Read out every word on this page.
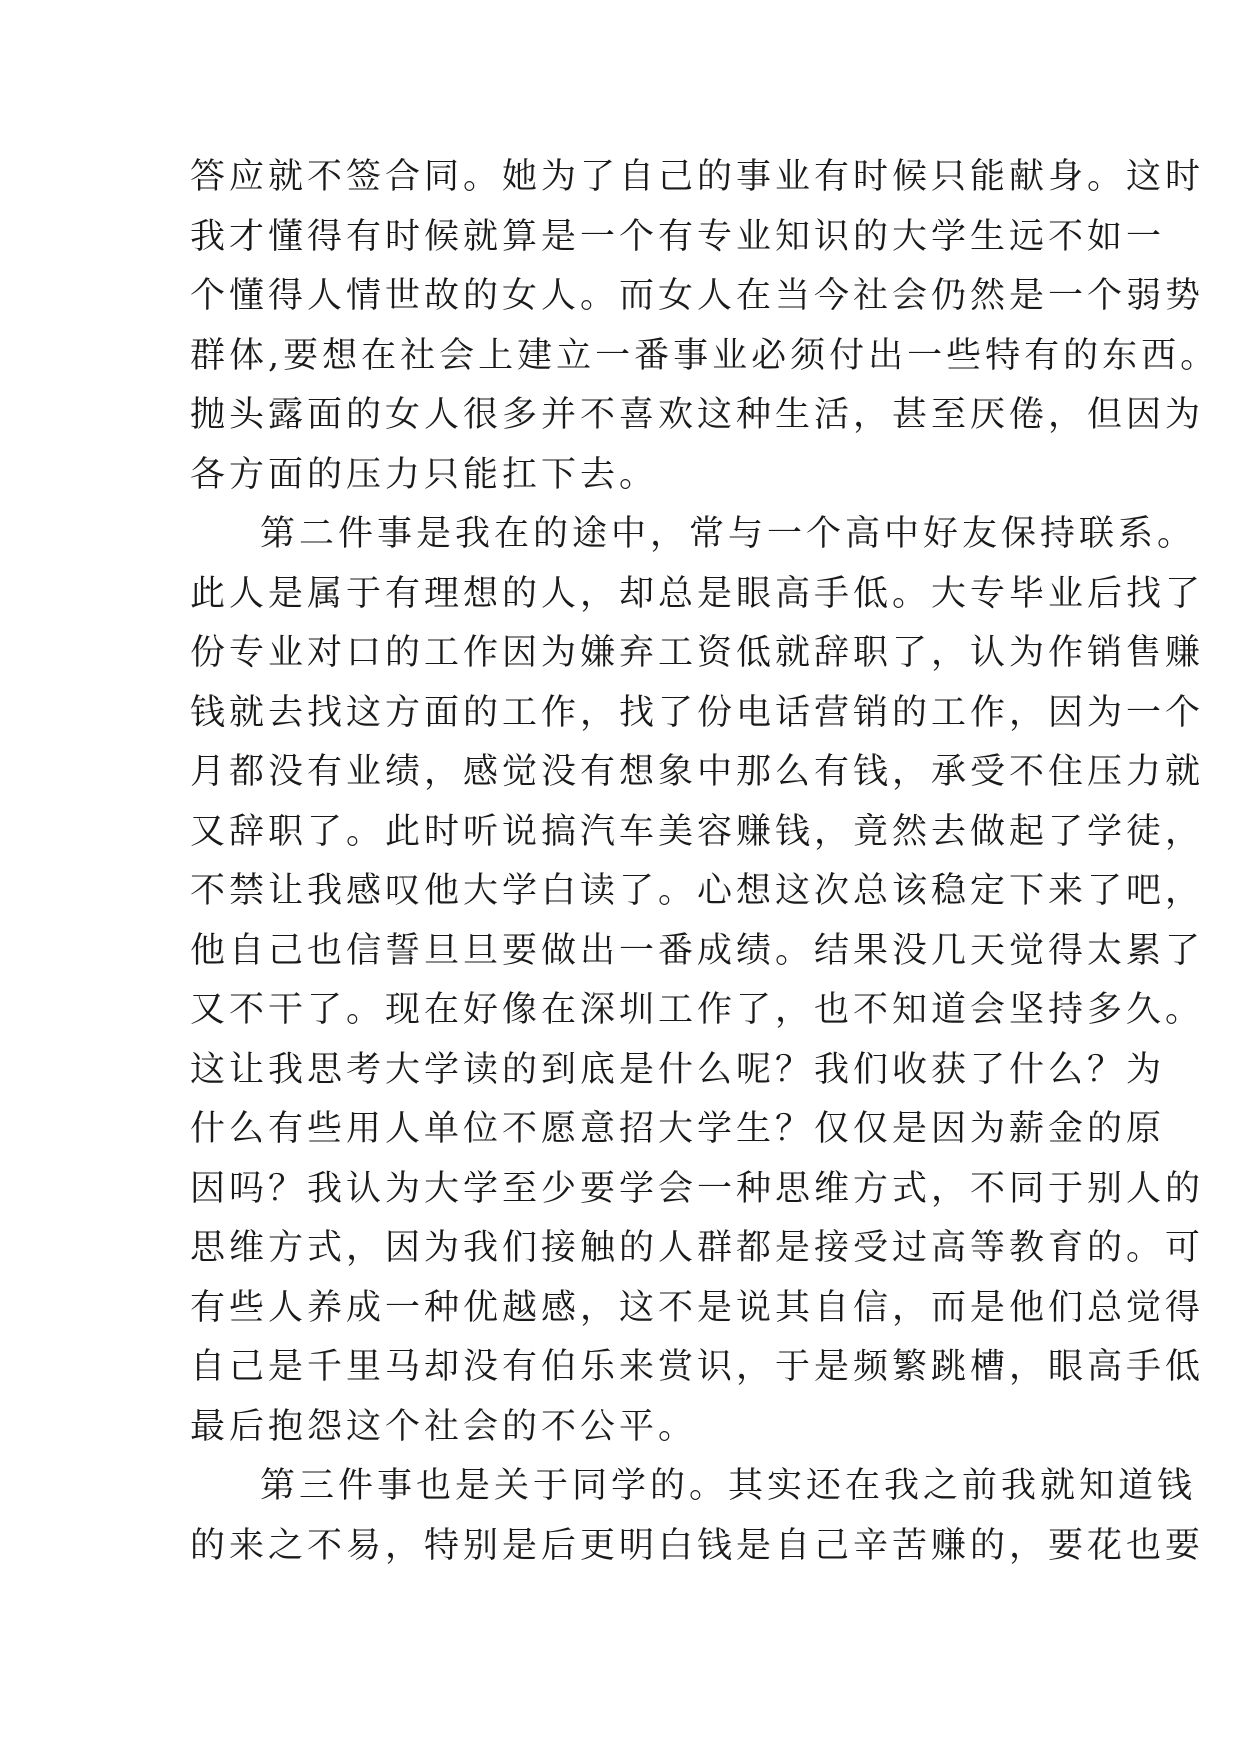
答应就不签合同。她为了自己的事业有时候只能献身。这时
我才懂得有时候就算是一个有专业知识的大学生远不如一
个懂得人情世故的女人。而女人在当今社会仍然是一个弱势
群体,要想在社会上建立一番事业必须付出一些特有的东西。
抛头露面的女人很多并不喜欢这种生活，甚至厌倦，但因为
各方面的压力只能扛下去。
第二件事是我在的途中，常与一个高中好友保持联系。
此人是属于有理想的人，却总是眼高手低。大专毕业后找了
份专业对口的工作因为嫌弃工资低就辞职了，认为作销售赚
钱就去找这方面的工作，找了份电话营销的工作，因为一个
月都没有业绩，感觉没有想象中那么有钱，承受不住压力就
又辞职了。此时听说搞汽车美容赚钱，竟然去做起了学徒，
不禁让我感叹他大学白读了。心想这次总该稳定下来了吧，
他自己也信誓旦旦要做出一番成绩。结果没几天觉得太累了
又不干了。现在好像在深圳工作了，也不知道会坚持多久。
这让我思考大学读的到底是什么呢？我们收获了什么？为
什么有些用人单位不愿意招大学生？仅仅是因为薪金的原
因吗？我认为大学至少要学会一种思维方式，不同于别人的
思维方式，因为我们接触的人群都是接受过高等教育的。可
有些人养成一种优越感，这不是说其自信，而是他们总觉得
自己是千里马却没有伯乐来赏识，于是频繁跳槽，眼高手低
最后抱怨这个社会的不公平。
第三件事也是关于同学的。其实还在我之前我就知道钱
的来之不易，特别是后更明白钱是自己辛苦赚的，要花也要
